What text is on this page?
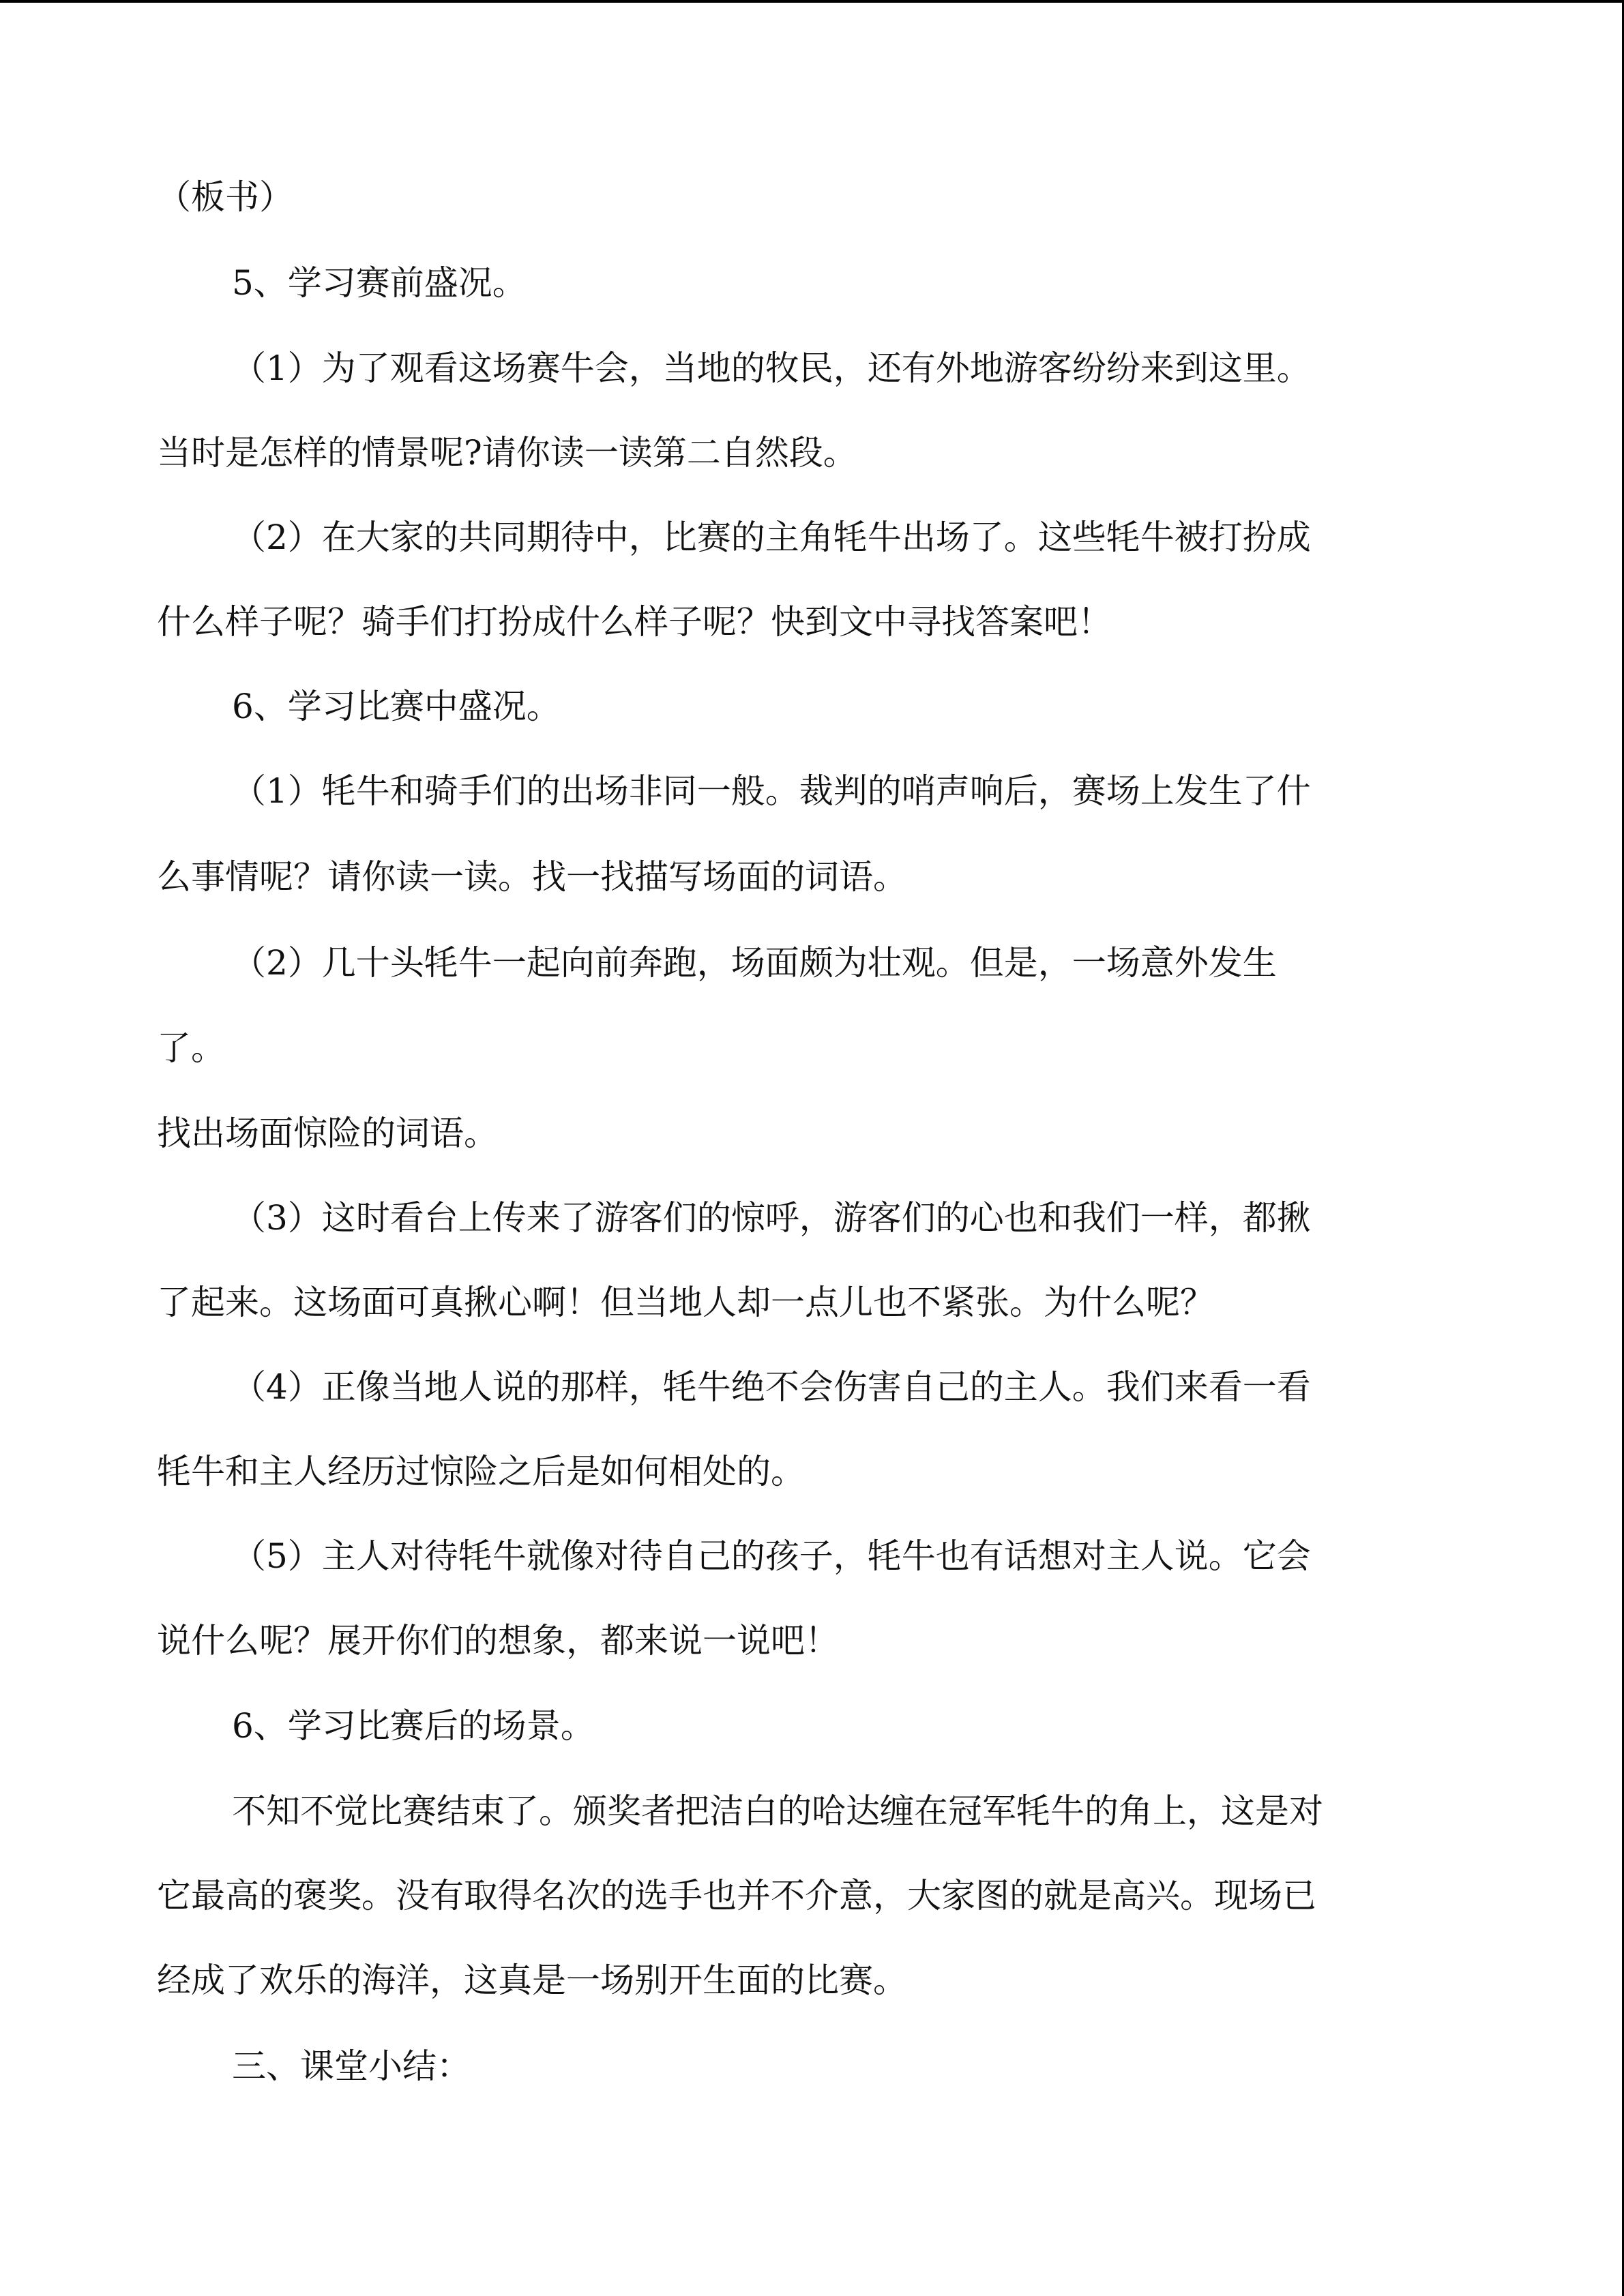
（板书）
5、学习赛前盛况。
（1）为了观看这场赛牛会，当地的牧民，还有外地游客纷纷来到这里。
当时是怎样的情景呢?请你读一读第二自然段。
（2）在大家的共同期待中，比赛的主角牦牛出场了。这些牦牛被打扮成
什么样子呢？骑手们打扮成什么样子呢？快到文中寻找答案吧！
6、学习比赛中盛况。
（1）牦牛和骑手们的出场非同一般。裁判的哨声响后，赛场上发生了什
么事情呢？请你读一读。找一找描写场面的词语。
（2）几十头牦牛一起向前奔跑，场面颇为壮观。但是，一场意外发生
了。
找出场面惊险的词语。
（3）这时看台上传来了游客们的惊呼，游客们的心也和我们一样，都揪
了起来。这场面可真揪心啊！但当地人却一点儿也不紧张。为什么呢？
（4）正像当地人说的那样，牦牛绝不会伤害自己的主人。我们来看一看
牦牛和主人经历过惊险之后是如何相处的。
（5）主人对待牦牛就像对待自己的孩子，牦牛也有话想对主人说。它会
说什么呢？展开你们的想象，都来说一说吧！
6、学习比赛后的场景。
不知不觉比赛结束了。颁奖者把洁白的哈达缠在冠军牦牛的角上，这是对
它最高的褒奖。没有取得名次的选手也并不介意，大家图的就是高兴。现场已
经成了欢乐的海洋，这真是一场别开生面的比赛。
三、课堂小结：
